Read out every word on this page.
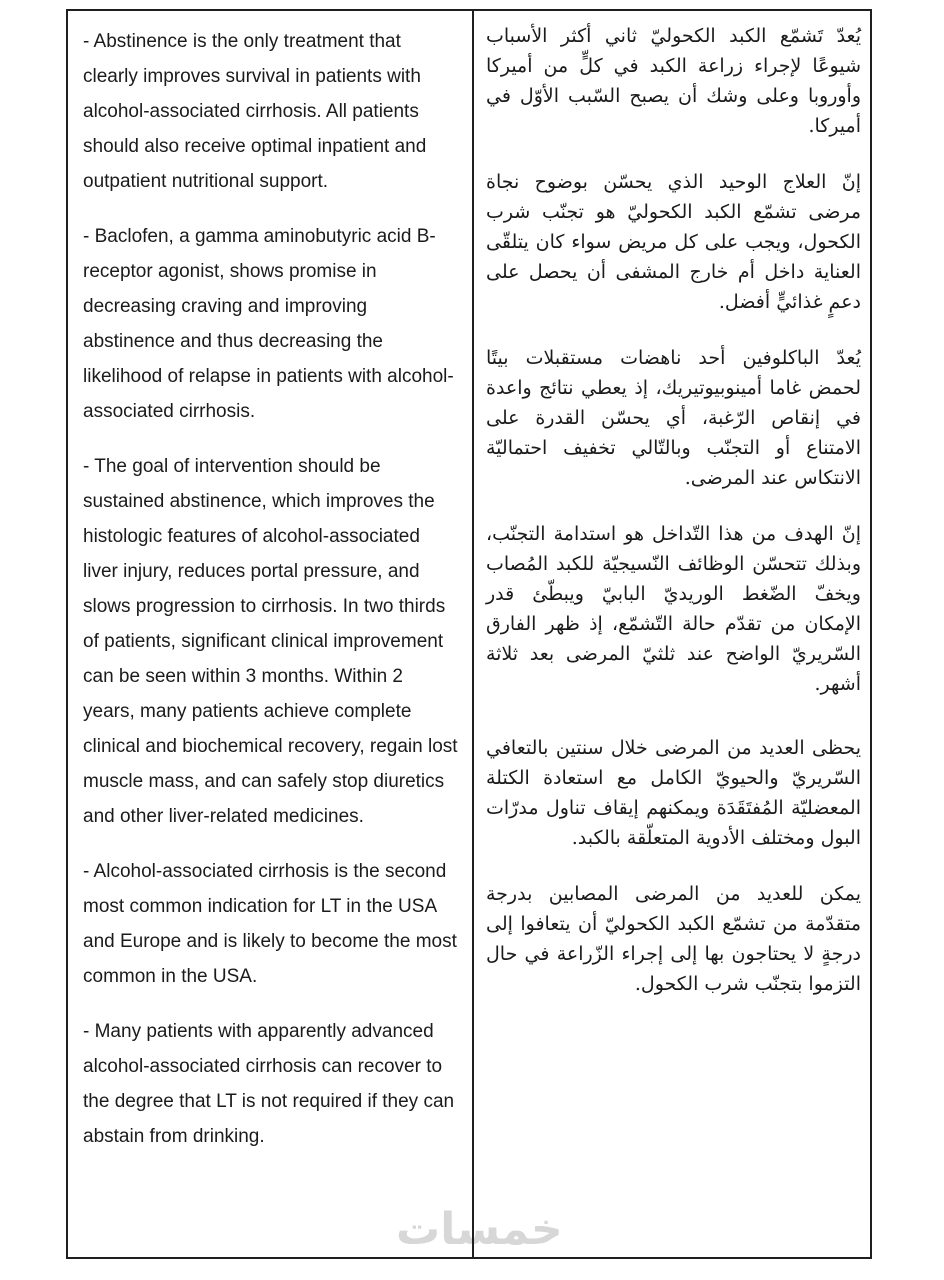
خمسات

- Abstinence is the only treatment that clearly improves survival in patients with alcohol-associated cirrhosis. All patients should also receive optimal inpatient and outpatient nutritional support.

- Baclofen, a gamma aminobutyric acid B-receptor agonist, shows promise in decreasing craving and improving abstinence and thus decreasing the likelihood of relapse in patients with alcohol-associated cirrhosis.

- The goal of intervention should be sustained abstinence, which improves the histologic features of alcohol-associated liver injury, reduces portal pressure, and slows progression to cirrhosis. In two thirds of patients, significant clinical improvement can be seen within 3 months. Within 2 years, many patients achieve complete clinical and biochemical recovery, regain lost muscle mass, and can safely stop diuretics and other liver-related medicines.

- Alcohol-associated cirrhosis is the second most common indication for LT in the USA and Europe and is likely to become the most common in the USA.

- Many patients with apparently advanced alcohol-associated cirrhosis can recover to the degree that LT is not required if they can abstain from drinking.

يُعدّ تَشمّع الكبد الكحوليّ ثاني أكثر الأسباب شيوعًا لإجراء زراعة الكبد في كلٍّ من أميركا وأوروبا وعلى وشك أن يصبح السّبب الأوّل في أميركا.

إنّ العلاج الوحيد الذي يحسّن بوضوح نجاة مرضى تشمّع الكبد الكحوليّ هو تجنّب شرب الكحول، ويجب على كل مريض سواء كان يتلقّى العناية داخل أم خارج المشفى أن يحصل على دعمٍ غذائيٍّ أفضل.

يُعدّ الباكلوفين أحد ناهضات مستقبلات بيتًا لحمض غاما أمينوبيوتيريك، إذ يعطي نتائج واعدة في إنقاص الرّغبة، أي يحسّن القدرة على الامتناع أو التجنّب وبالتّالي تخفيف احتماليّة الانتكاس عند المرضى.

إنّ الهدف من هذا التّداخل هو استدامة التجنّب، وبذلك تتحسّن الوظائف النّسيجيّة للكبد المُصاب ويخفّ الضّغط الوريديّ البابيّ ويبطّئ قدر الإمكان من تقدّم حالة التّشمّع، إذ ظهر الفارق السّريريّ الواضح عند ثلثيّ المرضى بعد ثلاثة أشهر.

يحظى العديد من المرضى خلال سنتين بالتعافي السّريريّ والحيويّ الكامل مع استعادة الكتلة المعضليّة المُفتَقَدَة ويمكنهم إيقاف تناول مدرّات البول ومختلف الأدوية المتعلّقة بالكبد.

يمكن للعديد من المرضى المصابين بدرجة متقدّمة من تشمّع الكبد الكحوليّ أن يتعافوا إلى درجةٍ لا يحتاجون بها إلى إجراء الزّراعة في حال التزموا بتجنّب شرب الكحول.
